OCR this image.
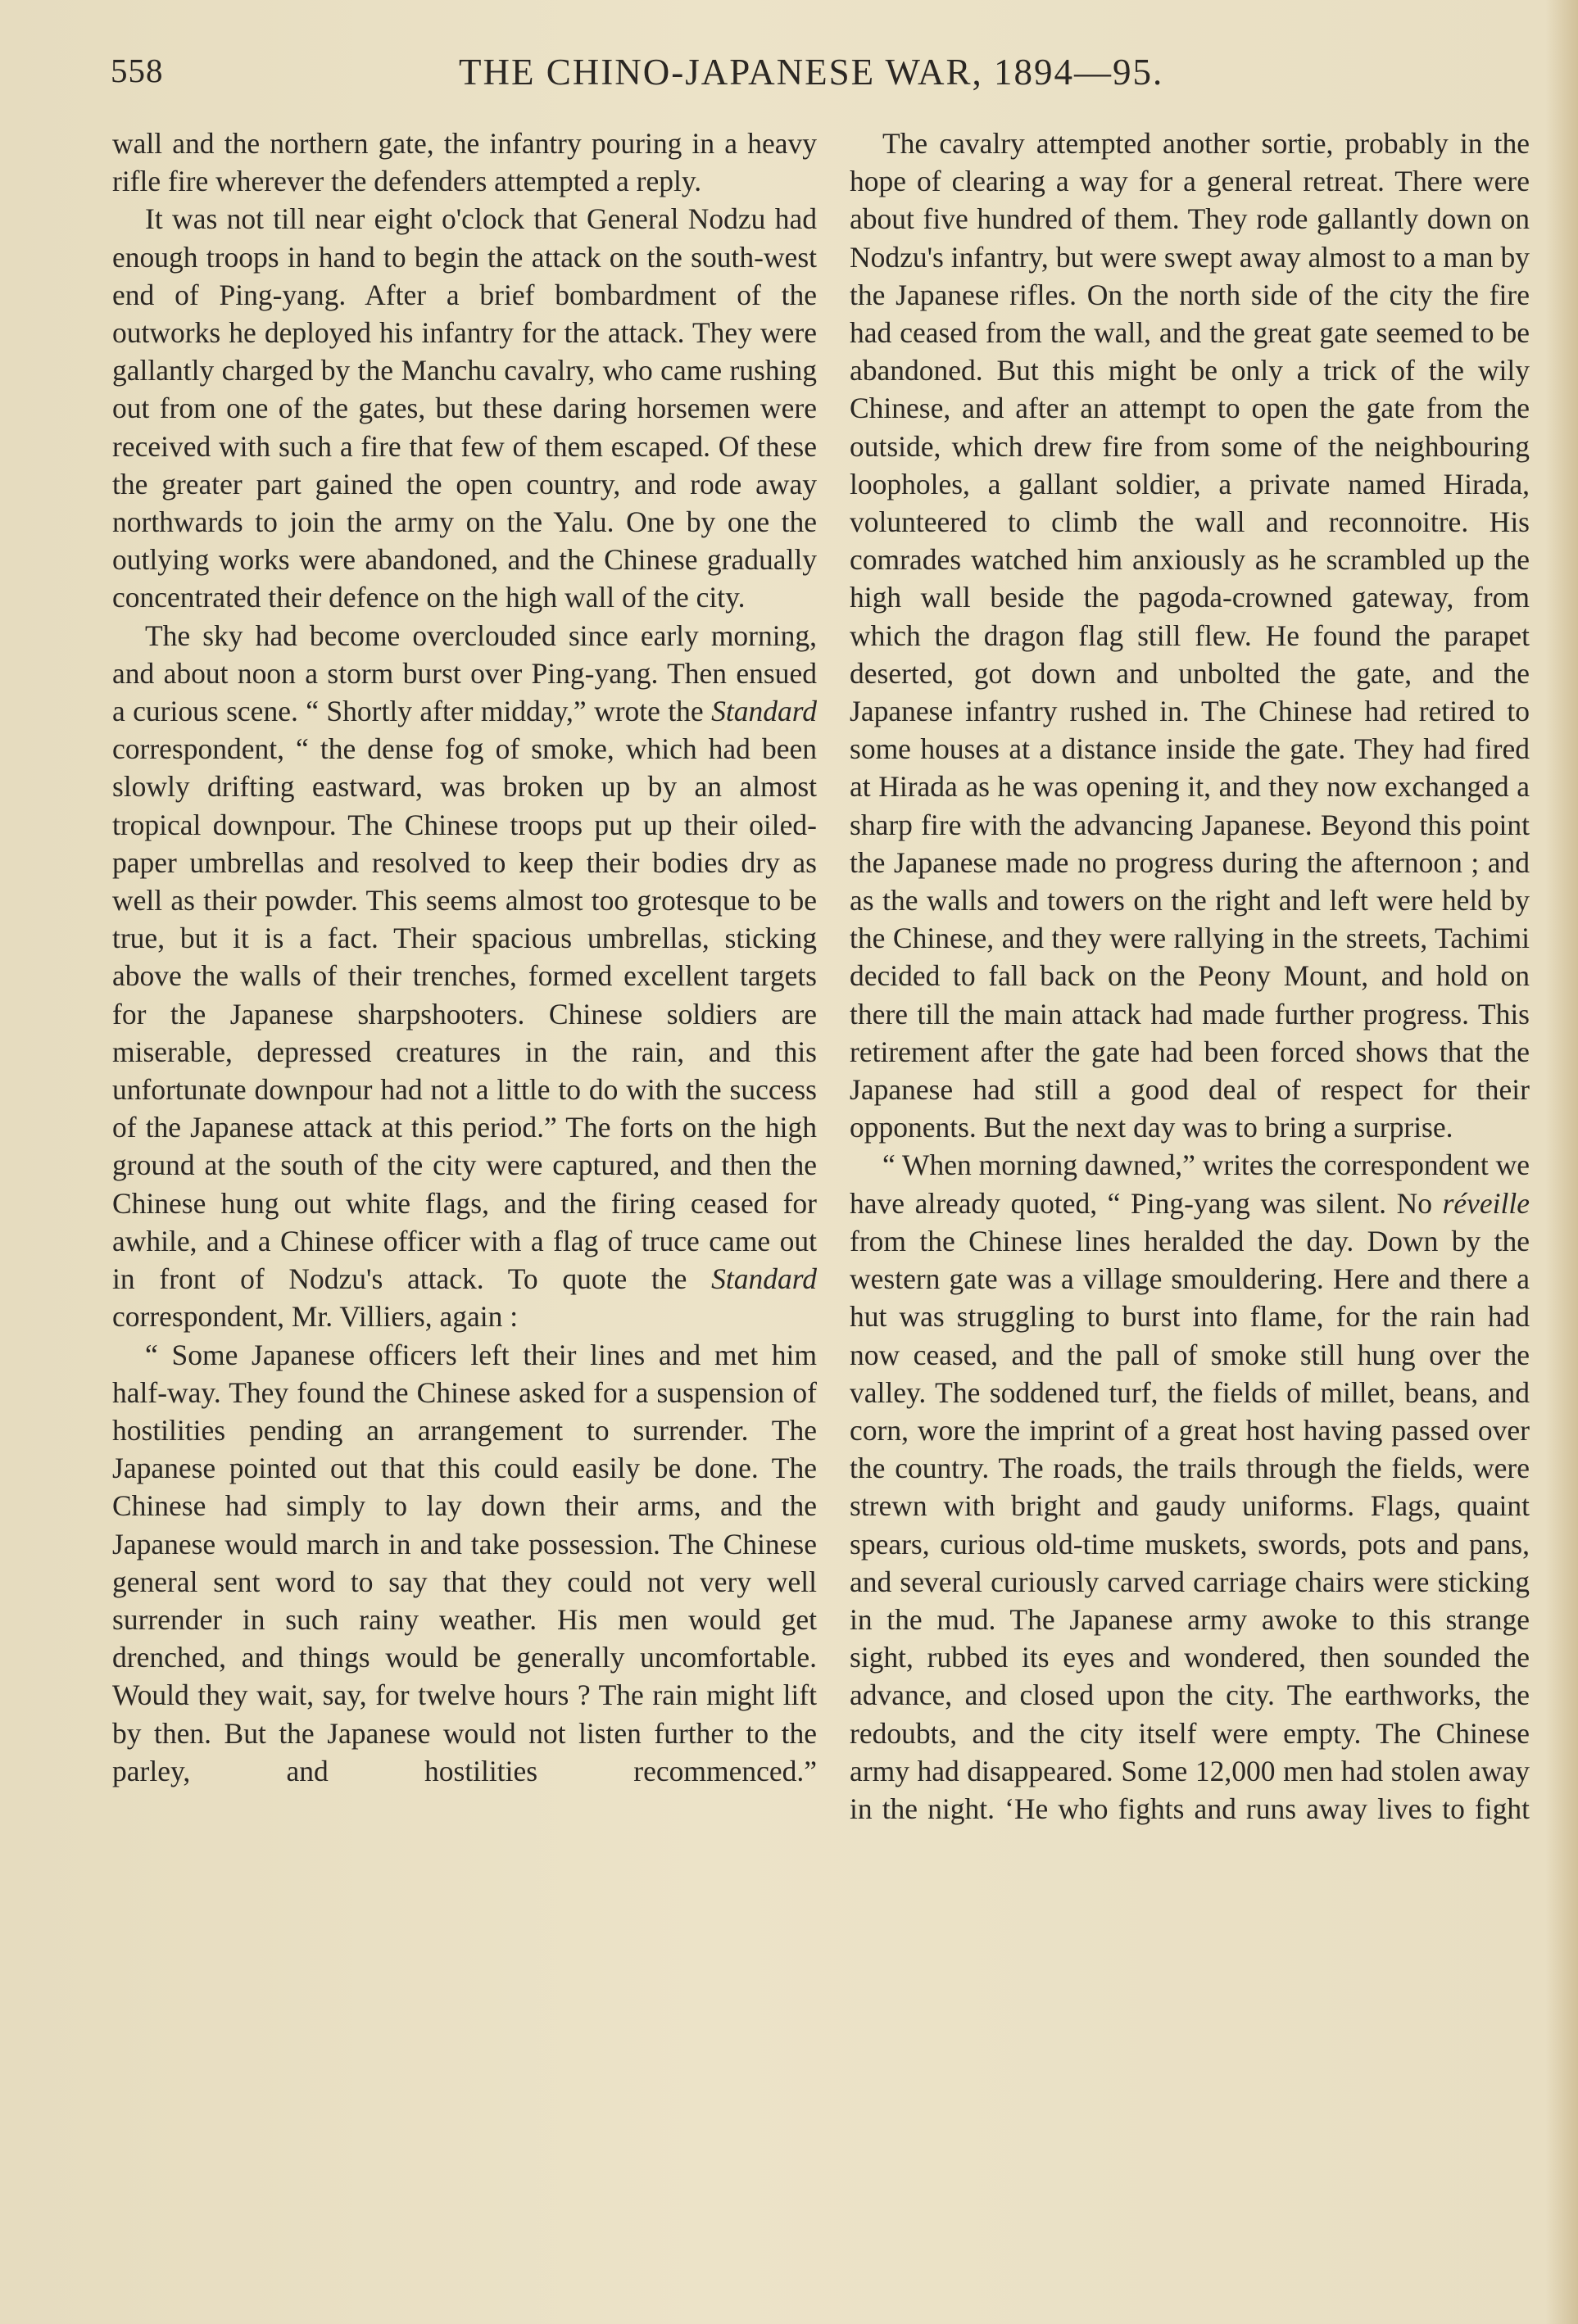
558	THE CHINO-JAPANESE WAR, 1894—95.

wall and the northern gate, the infantry pouring in a heavy rifle fire wherever the defenders attempted a reply.

It was not till near eight o'clock that General Nodzu had enough troops in hand to begin the attack on the south-west end of Ping-yang. After a brief bombardment of the outworks he deployed his infantry for the attack. They were gallantly charged by the Manchu cavalry, who came rushing out from one of the gates, but these daring horsemen were received with such a fire that few of them escaped. Of these the greater part gained the open country, and rode away northwards to join the army on the Yalu. One by one the outlying works were abandoned, and the Chinese gradually concentrated their defence on the high wall of the city.

The sky had become overclouded since early morning, and about noon a storm burst over Ping-yang. Then ensued a curious scene. “ Shortly after midday,” wrote the Standard correspondent, “ the dense fog of smoke, which had been slowly drifting eastward, was broken up by an almost tropical downpour. The Chinese troops put up their oiled-paper umbrellas and resolved to keep their bodies dry as well as their powder. This seems almost too grotesque to be true, but it is a fact. Their spacious umbrellas, sticking above the walls of their trenches, formed excellent targets for the Japanese sharpshooters. Chinese soldiers are miserable, depressed creatures in the rain, and this unfortunate downpour had not a little to do with the success of the Japanese attack at this period.” The forts on the high ground at the south of the city were captured, and then the Chinese hung out white flags, and the firing ceased for awhile, and a Chinese officer with a flag of truce came out in front of Nodzu's attack. To quote the Standard correspondent, Mr. Villiers, again :

“ Some Japanese officers left their lines and met him half-way. They found the Chinese asked for a suspension of hostilities pending an arrangement to surrender. The Japanese pointed out that this could easily be done. The Chinese had simply to lay down their arms, and the Japanese would march in and take possession. The Chinese general sent word to say that they could not very well surrender in such rainy weather. His men would get drenched, and things would be generally uncomfortable. Would they wait, say, for twelve hours ? The rain might lift by then. But the Japanese would not listen further to the parley, and hostilities recommenced.”

The cavalry attempted another sortie, probably in the hope of clearing a way for a general retreat. There were about five hundred of them. They rode gallantly down on Nodzu's infantry, but were swept away almost to a man by the Japanese rifles. On the north side of the city the fire had ceased from the wall, and the great gate seemed to be abandoned. But this might be only a trick of the wily Chinese, and after an attempt to open the gate from the outside, which drew fire from some of the neighbouring loopholes, a gallant soldier, a private named Hirada, volunteered to climb the wall and reconnoitre. His comrades watched him anxiously as he scrambled up the high wall beside the pagoda-crowned gateway, from which the dragon flag still flew. He found the parapet deserted, got down and unbolted the gate, and the Japanese infantry rushed in. The Chinese had retired to some houses at a distance inside the gate. They had fired at Hirada as he was opening it, and they now exchanged a sharp fire with the advancing Japanese. Beyond this point the Japanese made no progress during the afternoon ; and as the walls and towers on the right and left were held by the Chinese, and they were rallying in the streets, Tachimi decided to fall back on the Peony Mount, and hold on there till the main attack had made further progress. This retirement after the gate had been forced shows that the Japanese had still a good deal of respect for their opponents. But the next day was to bring a surprise.

“ When morning dawned,” writes the correspondent we have already quoted, “ Ping-yang was silent. No réveille from the Chinese lines heralded the day. Down by the western gate was a village smouldering. Here and there a hut was struggling to burst into flame, for the rain had now ceased, and the pall of smoke still hung over the valley. The soddened turf, the fields of millet, beans, and corn, wore the imprint of a great host having passed over the country. The roads, the trails through the fields, were strewn with bright and gaudy uniforms. Flags, quaint spears, curious old-time muskets, swords, pots and pans, and several curiously carved carriage chairs were sticking in the mud. The Japanese army awoke to this strange sight, rubbed its eyes and wondered, then sounded the advance, and closed upon the city. The earthworks, the redoubts, and the city itself were empty. The Chinese army had disappeared. Some 12,000 men had stolen away in the night. ‘He who fights and runs away lives to fight
